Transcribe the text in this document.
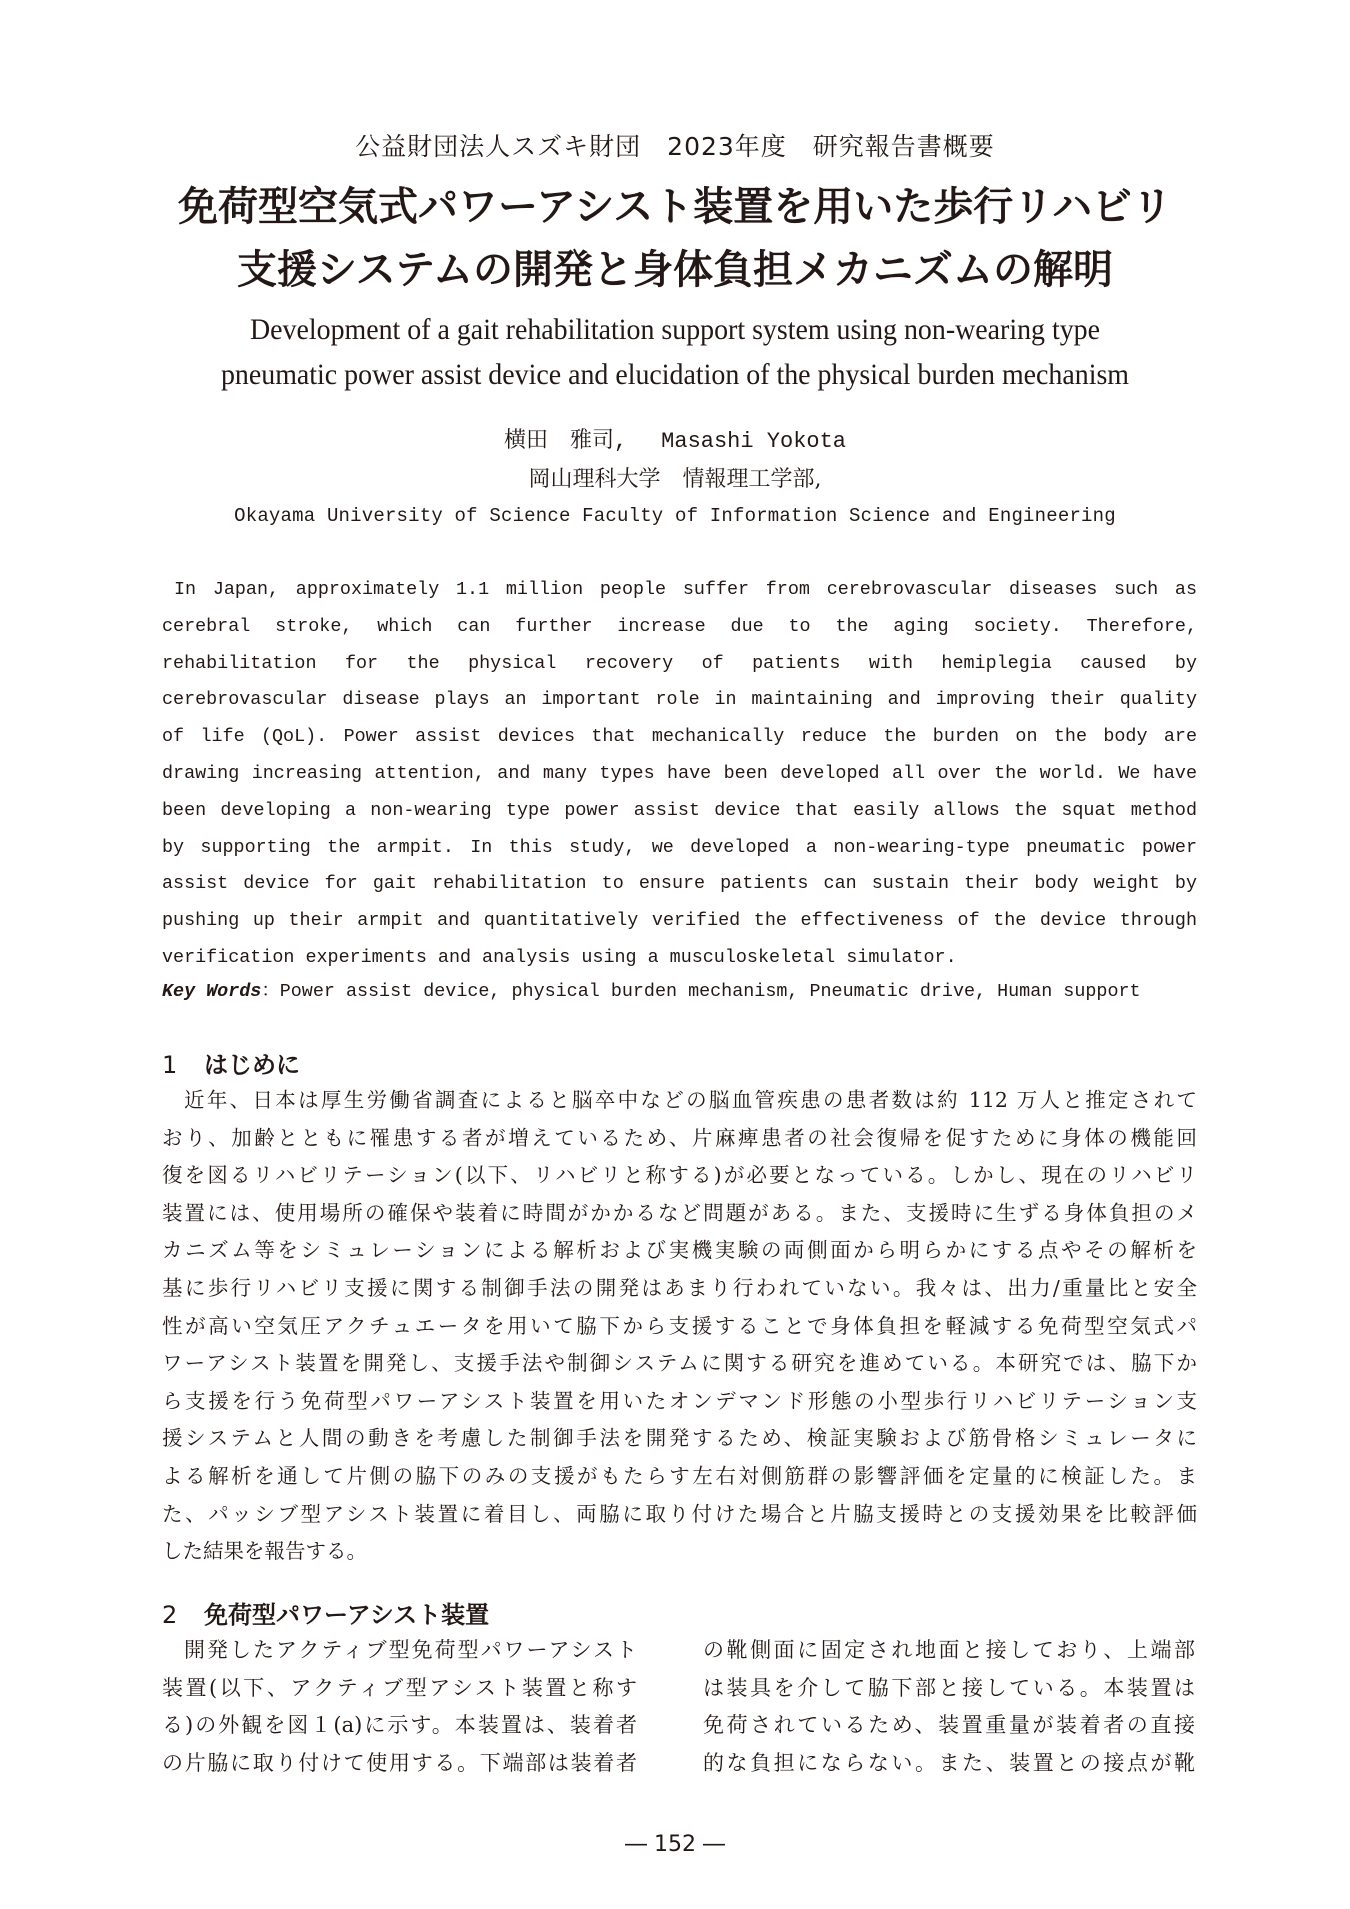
公益財団法人スズキ財団　2023年度　研究報告書概要
免荷型空気式パワーアシスト装置を用いた歩行リハビリ
支援システムの開発と身体負担メカニズムの解明
Development of a gait rehabilitation support system using non-wearing type
pneumatic power assist device and elucidation of the physical burden mechanism
横田　雅司, Masashi Yokota
岡山理科大学　情報理工学部,
Okayama University of Science Faculty of Information Science and Engineering
In Japan, approximately 1.1 million people suffer from cerebrovascular diseases such as
cerebral stroke, which can further increase due to the aging society. Therefore,
rehabilitation for the physical recovery of patients with hemiplegia caused by
cerebrovascular disease plays an important role in maintaining and improving their quality
of life (QoL). Power assist devices that mechanically reduce the burden on the body are
drawing increasing attention, and many types have been developed all over the world. We have
been developing a non-wearing type power assist device that easily allows the squat method
by supporting the armpit. In this study, we developed a non-wearing-type pneumatic power
assist device for gait rehabilitation to ensure patients can sustain their body weight by
pushing up their armpit and quantitatively verified the effectiveness of the device through
verification experiments and analysis using a musculoskeletal simulator.
Key Words：Power assist device, physical burden mechanism, Pneumatic drive, Human support
1 はじめに
近年、日本は厚生労働省調査によると脳卒中などの脳血管疾患の患者数は約 112 万人と推定されて
おり、加齢とともに罹患する者が増えているため、片麻痺患者の社会復帰を促すために身体の機能回
復を図るリハビリテーション(以下、リハビリと称する)が必要となっている。しかし、現在のリハビリ
装置には、使用場所の確保や装着に時間がかかるなど問題がある。また、支援時に生ずる身体負担のメ
カニズム等をシミュレーションによる解析および実機実験の両側面から明らかにする点やその解析を
基に歩行リハビリ支援に関する制御手法の開発はあまり行われていない。我々は、出力/重量比と安全
性が高い空気圧アクチュエータを用いて脇下から支援することで身体負担を軽減する免荷型空気式パ
ワーアシスト装置を開発し、支援手法や制御システムに関する研究を進めている。本研究では、脇下か
ら支援を行う免荷型パワーアシスト装置を用いたオンデマンド形態の小型歩行リハビリテーション支
援システムと人間の動きを考慮した制御手法を開発するため、検証実験および筋骨格シミュレータに
よる解析を通して片側の脇下のみの支援がもたらす左右対側筋群の影響評価を定量的に検証した。ま
た、パッシブ型アシスト装置に着目し、両脇に取り付けた場合と片脇支援時との支援効果を比較評価
した結果を報告する。
2 免荷型パワーアシスト装置
開発したアクティブ型免荷型パワーアシスト
装置(以下、アクティブ型アシスト装置と称す
る)の外観を図１(a)に示す。本装置は、装着者
の片脇に取り付けて使用する。下端部は装着者
の靴側面に固定され地面と接しており、上端部
は装具を介して脇下部と接している。本装置は
免荷されているため、装置重量が装着者の直接
的な負担にならない。また、装置との接点が靴
― 152 ―
